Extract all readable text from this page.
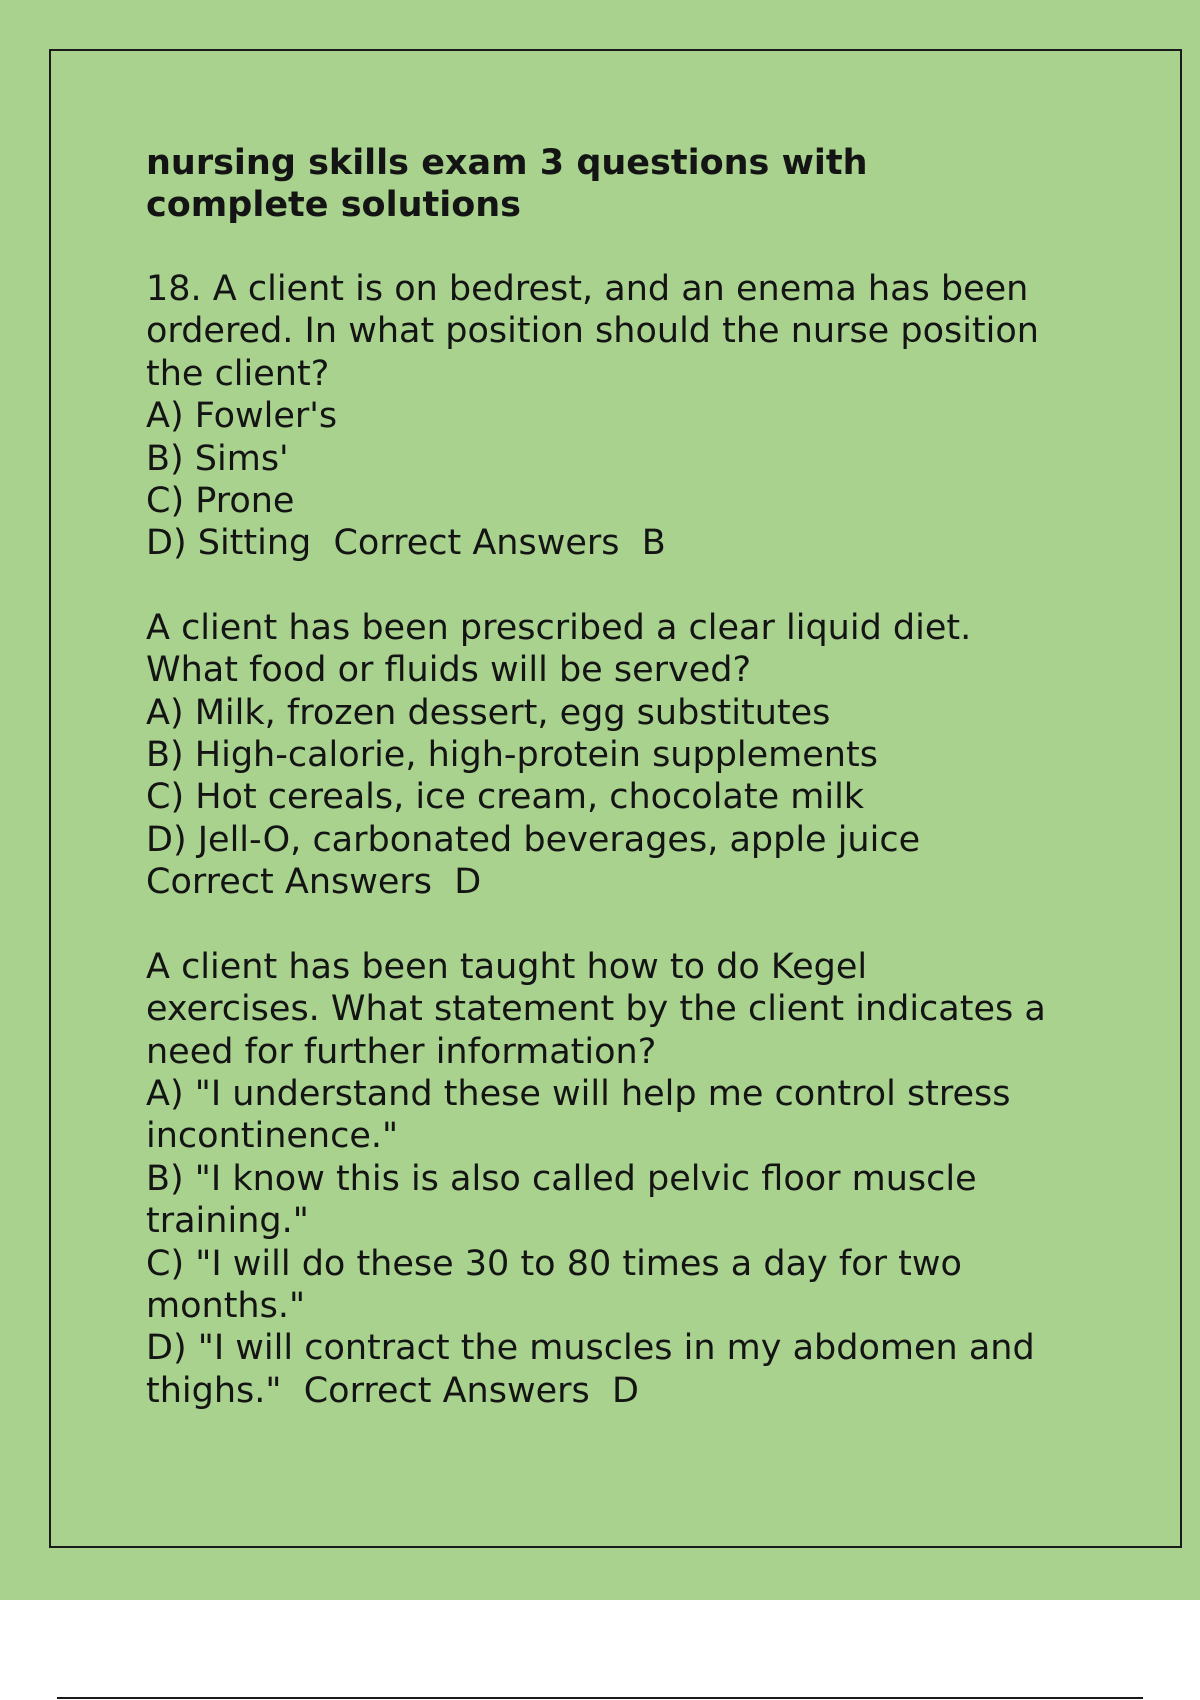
nursing skills exam 3 questions with
complete solutions
18. A client is on bedrest, and an enema has been
ordered. In what position should the nurse position
the client?
A) Fowler's
B) Sims'
C) Prone
D) Sitting  Correct Answers  B
A client has been prescribed a clear liquid diet.
What food or fluids will be served?
A) Milk, frozen dessert, egg substitutes
B) High-calorie, high-protein supplements
C) Hot cereals, ice cream, chocolate milk
D) Jell-O, carbonated beverages, apple juice
Correct Answers  D
A client has been taught how to do Kegel
exercises. What statement by the client indicates a
need for further information?
A) "I understand these will help me control stress
incontinence."
B) "I know this is also called pelvic floor muscle
training."
C) "I will do these 30 to 80 times a day for two
months."
D) "I will contract the muscles in my abdomen and
thighs."  Correct Answers  D
